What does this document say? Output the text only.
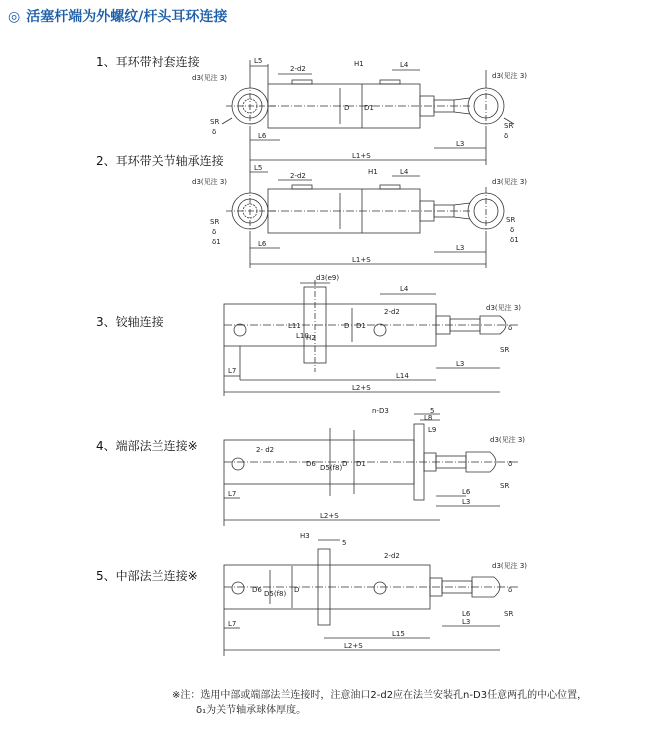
◎ 活塞杆端为外螺纹/杆头耳环连接
1、耳环带衬套连接
2、耳环带关节轴承连接
3、铰轴连接
4、端部法兰连接※
5、中部法兰连接※
L5
2-d2
H1	L4
d3(见注 3)	d3(见注 3)
SR
δ
SR
δ
D1
D
L6
L3
L1+S
L5
2-d2	H1	L4
d3(见注 3)	d3(见注 3)
SR
δ
δ1
SR
δ
δ1
L6	L3
L1+S
d3(e9)
L4
2-d2	d3(见注 3)
L11
L10
H2
D D1
SR
δ
L7
L3
L14
L2+S
n-D3	5
L8
L9
2- d2
d3(见注 3)
D6 D5(f8) D D1
L6
SR
δ
L7
L3
L2+S
H3
5
2-d2
d3(见注 3)
D6 D5(f8) D
L6	SR
δ
L7	L3
L15
L2+S
※注：选用中部或端部法兰连接时，注意油口2-d2应在法兰安装孔n-D3任意两孔的中心位置，
δ₁为关节轴承球体厚度。
